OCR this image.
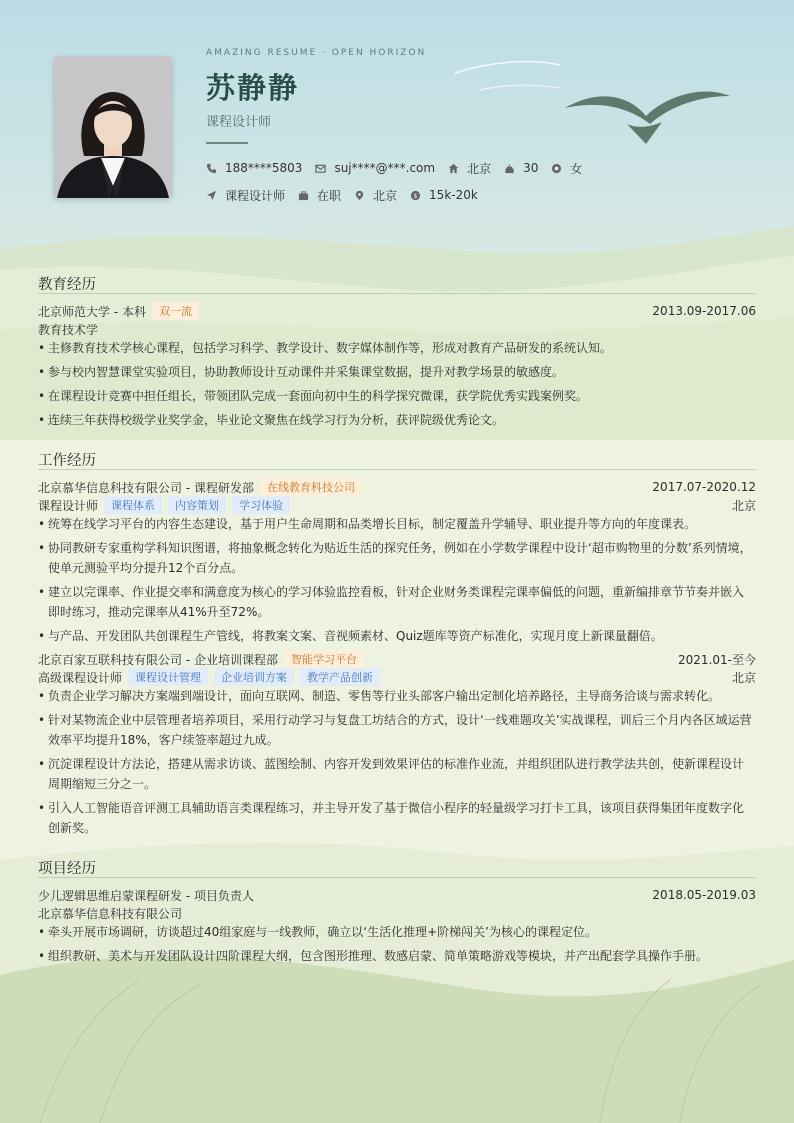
AMAZING RESUME · OPEN HORIZON
苏静静
课程设计师
188****5803	suj****@***.com	北京	30	女
课程设计师	在职	北京 $ 15k-20k
教育经历
北京师范大学 - 本科	双一流	2013.09-2017.06
教育技术学
• 主修教育技术学核心课程，包括学习科学、教学设计、数字媒体制作等，形成对教育产品研发的系统认知。
• 参与校内智慧课堂实验项目，协助教师设计互动课件并采集课堂数据，提升对教学场景的敏感度。
• 在课程设计竞赛中担任组长，带领团队完成一套面向初中生的科学探究微课，获学院优秀实践案例奖。
• 连续三年获得校级学业奖学金，毕业论文聚焦在线学习行为分析，获评院级优秀论文。
工作经历
北京慕华信息科技有限公司 - 课程研发部	在线教育科技公司	2017.07-2020.12
课程设计师	课程体系	内容策划	学习体验	北京
• 统筹在线学习平台的内容生态建设，基于用户生命周期和品类增长目标，制定覆盖升学辅导、职业提升等方向的年度课表。
• 协同教研专家重构学科知识图谱，将抽象概念转化为贴近生活的探究任务，例如在小学数学课程中设计‘超市购物里的分数’系列情境，
使单元测验平均分提升12个百分点。
• 建立以完课率、作业提交率和满意度为核心的学习体验监控看板，针对企业财务类课程完课率偏低的问题，重新编排章节节奏并嵌入
即时练习，推动完课率从41%升至72%。
• 与产品、开发团队共创课程生产管线，将教案文案、音视频素材、Quiz题库等资产标准化，实现月度上新课量翻倍。
北京百家互联科技有限公司 - 企业培训课程部	智能学习平台	2021.01-至今
高级课程设计师	课程设计管理	企业培训方案	教学产品创新	北京
• 负责企业学习解决方案端到端设计，面向互联网、制造、零售等行业头部客户输出定制化培养路径，主导商务洽谈与需求转化。
• 针对某物流企业中层管理者培养项目，采用行动学习与复盘工坊结合的方式，设计‘一线难题攻关’实战课程，训后三个月内各区域运营
效率平均提升18%，客户续签率超过九成。
• 沉淀课程设计方法论，搭建从需求访谈、蓝图绘制、内容开发到效果评估的标准作业流，并组织团队进行教学法共创，使新课程设计
周期缩短三分之一。
• 引入人工智能语音评测工具辅助语言类课程练习，并主导开发了基于微信小程序的轻量级学习打卡工具，该项目获得集团年度数字化
创新奖。
项目经历
少儿逻辑思维启蒙课程研发 - 项目负责人	2018.05-2019.03
北京慕华信息科技有限公司
• 牵头开展市场调研，访谈超过40组家庭与一线教师，确立以‘生活化推理+阶梯闯关’为核心的课程定位。
• 组织教研、美术与开发团队设计四阶课程大纲，包含图形推理、数感启蒙、简单策略游戏等模块，并产出配套学具操作手册。
